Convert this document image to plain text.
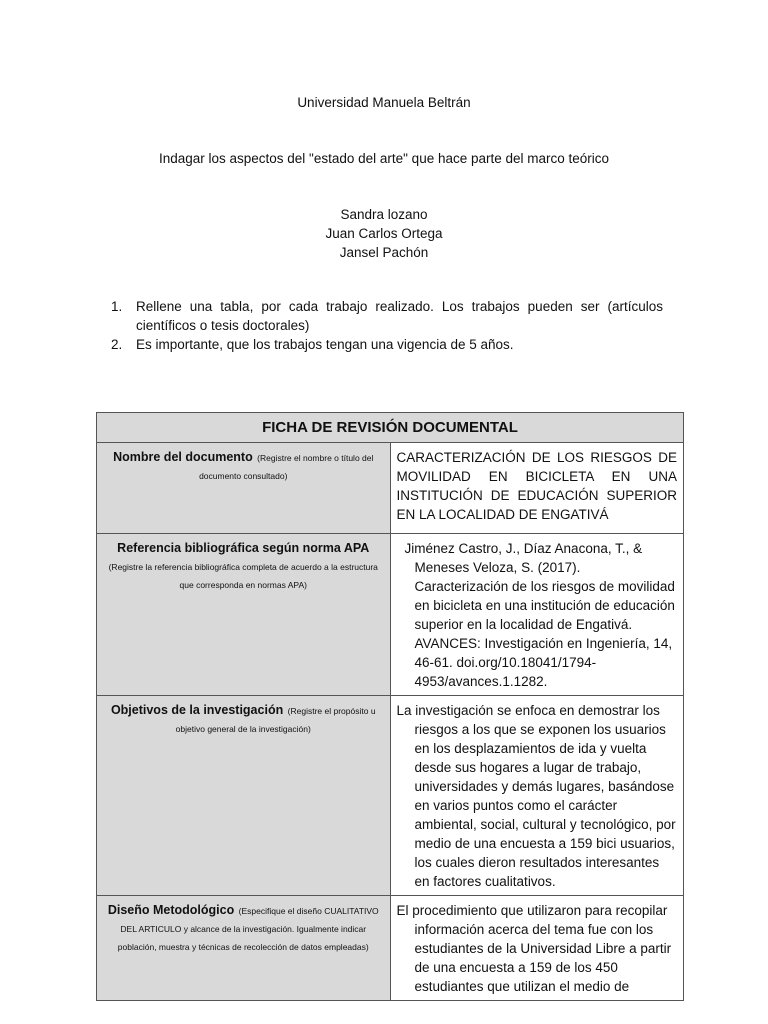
Universidad Manuela Beltrán
Indagar los aspectos del "estado del arte" que hace parte del marco teórico
Sandra lozano
Juan Carlos Ortega
Jansel Pachón
1. Rellene una tabla, por cada trabajo realizado. Los trabajos pueden ser (artículos científicos o tesis doctorales)
2. Es importante, que los trabajos tengan una vigencia de 5 años.
FICHA DE REVISIÓN DOCUMENTAL	
Nombre del documento (Registre el nombre o título del documento consultado)	CARACTERIZACIÓN DE LOS RIESGOS DE MOVILIDAD EN BICICLETA EN UNA INSTITUCIÓN DE EDUCACIÓN SUPERIOR EN LA LOCALIDAD DE ENGATIVÁ
Referencia bibliográfica según norma APA (Registre la referencia bibliográfica completa de acuerdo a la estructura que corresponda en normas APA)	Jiménez Castro, J., Díaz Anacona, T., & Meneses Veloza, S. (2017). Caracterización de los riesgos de movilidad en bicicleta en una institución de educación superior en la localidad de Engativá. AVANCES: Investigación en Ingeniería, 14, 46-61. doi.org/10.18041/1794-4953/avances.1.1282.

Objetivos de la investigación (Registre el propósito u objetivo general de la investigación)	La investigación se enfoca en demostrar los riesgos a los que se exponen los usuarios en los desplazamientos de ida y vuelta desde sus hogares a lugar de trabajo, universidades y demás lugares, basándose en varios puntos como el carácter ambiental, social, cultural y tecnológico, por medio de una encuesta a 159 bici usuarios, los cuales dieron resultados interesantes en factores cualitativos.

Diseño Metodológico (Especifique el diseño CUALITATIVO DEL ARTICULO y alcance de la investigación. Igualmente indicar población, muestra y técnicas de recolección de datos empleadas)	El procedimiento que utilizaron para recopilar información acerca del tema fue con los estudiantes de la Universidad Libre a partir de una encuesta a 159 de los 450 estudiantes que utilizan el medio de
